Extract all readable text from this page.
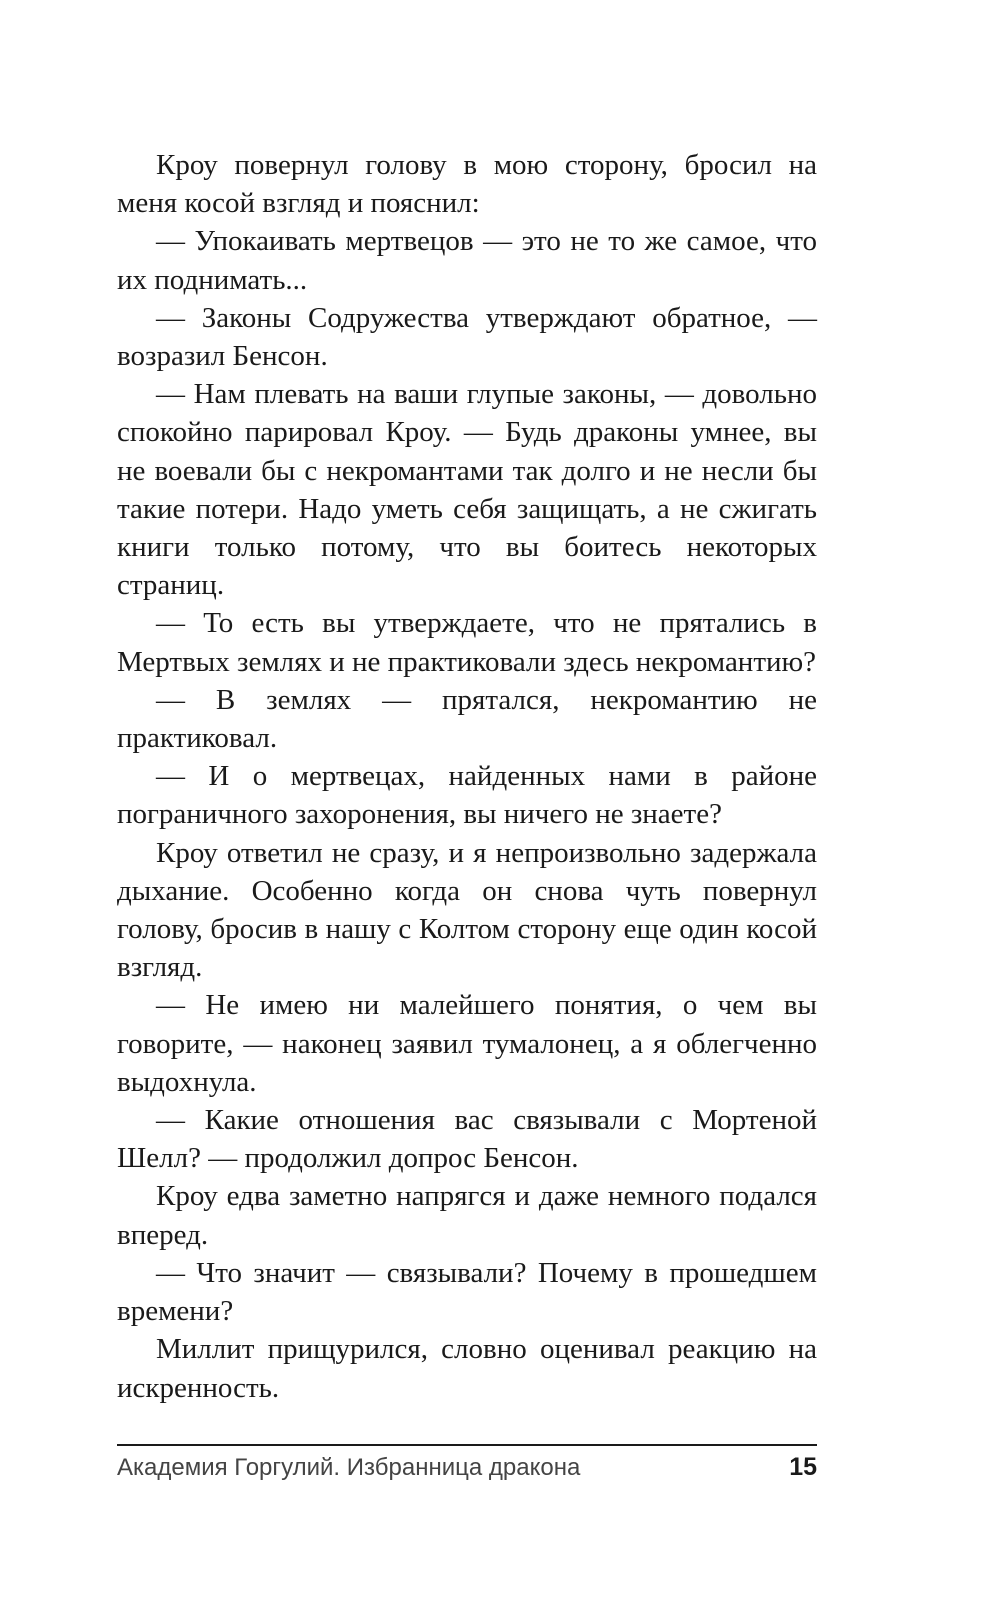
Кроу повернул голову в мою сторону, бросил на меня косой взгляд и пояснил:

— Упокаивать мертвецов — это не то же самое, что их поднимать...

— Законы Содружества утверждают обратное, — возразил Бенсон.

— Нам плевать на ваши глупые законы, — довольно спокойно парировал Кроу. — Будь драконы умнее, вы не воевали бы с некромантами так долго и не несли бы такие потери. Надо уметь себя защищать, а не сжигать книги только потому, что вы боитесь некоторых страниц.

— То есть вы утверждаете, что не прятались в Мертвых землях и не практиковали здесь некромантию?

— В землях — прятался, некромантию не практиковал.

— И о мертвецах, найденных нами в районе пограничного захоронения, вы ничего не знаете?

Кроу ответил не сразу, и я непроизвольно задержала дыхание. Особенно когда он снова чуть повернул голову, бросив в нашу с Колтом сторону еще один косой взгляд.

— Не имею ни малейшего понятия, о чем вы говорите, — наконец заявил тумалонец, а я облегченно выдохнула.

— Какие отношения вас связывали с Мортеной Шелл? — продолжил допрос Бенсон.

Кроу едва заметно напрягся и даже немного подался вперед.

— Что значит — связывали? Почему в прошедшем времени?

Миллит прищурился, словно оценивал реакцию на искренность.

Академия Горгулий. Избранница дракона	15
